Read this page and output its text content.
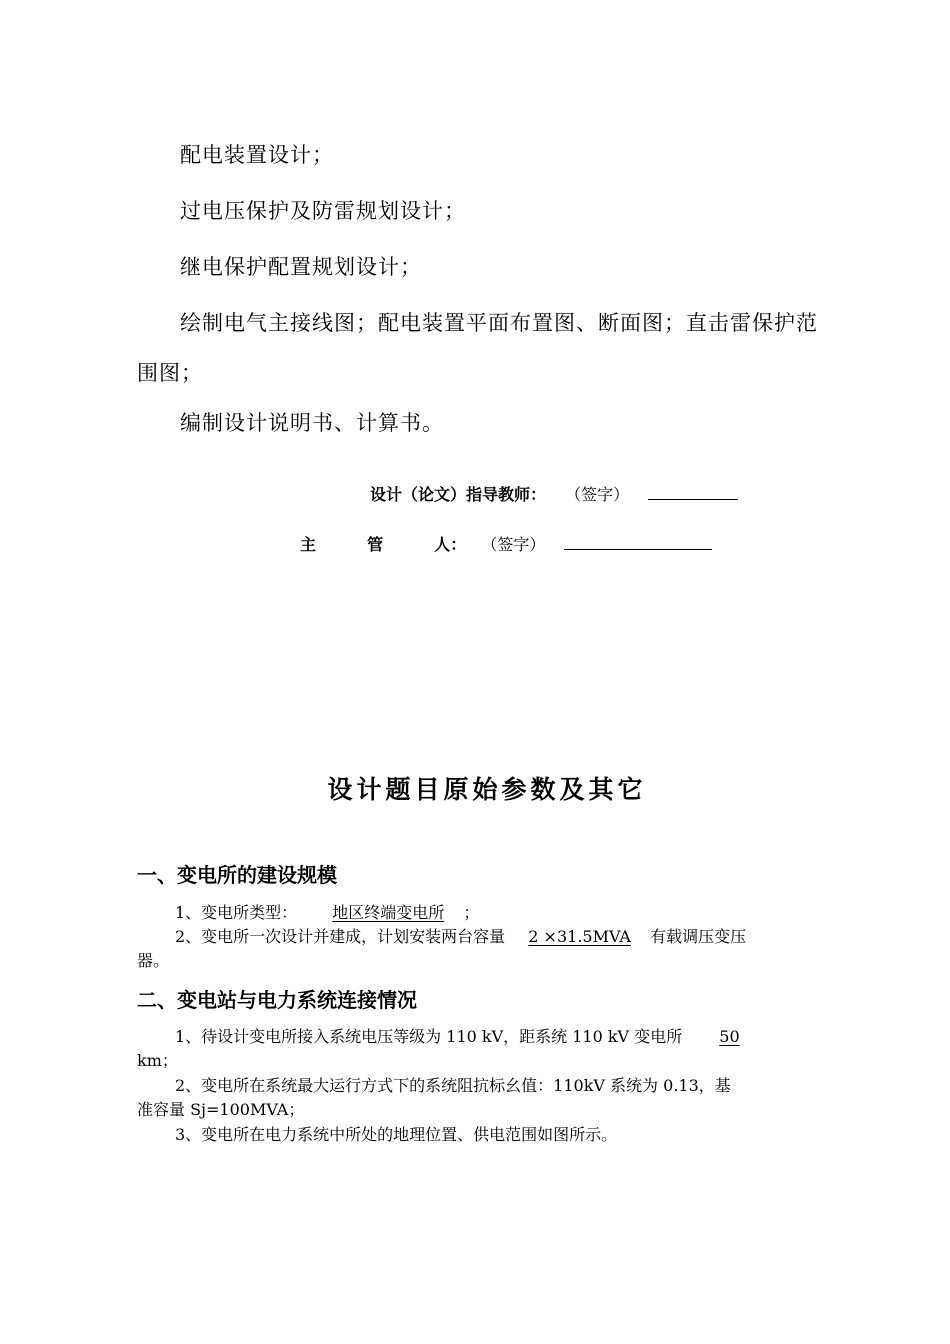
配电装置设计；
过电压保护及防雷规划设计；
继电保护配置规划设计；
绘制电气主接线图；配电装置平面布置图、断面图；直击雷保护范
围图；
编制设计说明书、计算书。
设计（论文）指导教师： （签字）
主	管	人： （签字）
设计题目原始参数及其它
一、变电所的建设规模
1、变电所类型： 地区终端变电所 ；
2、变电所一次设计并建成，计划安装两台容量 2 ×31.5MVA 有载调压变压
器。
二、变电站与电力系统连接情况
1、待设计变电所接入系统电压等级为 110 kV，距系统 110 kV 变电所 50
km；
2、变电所在系统最大运行方式下的系统阻抗标幺值：110kV 系统为 0.13，基
准容量 Sj=100MVA；
3、变电所在电力系统中所处的地理位置、供电范围如图所示。
